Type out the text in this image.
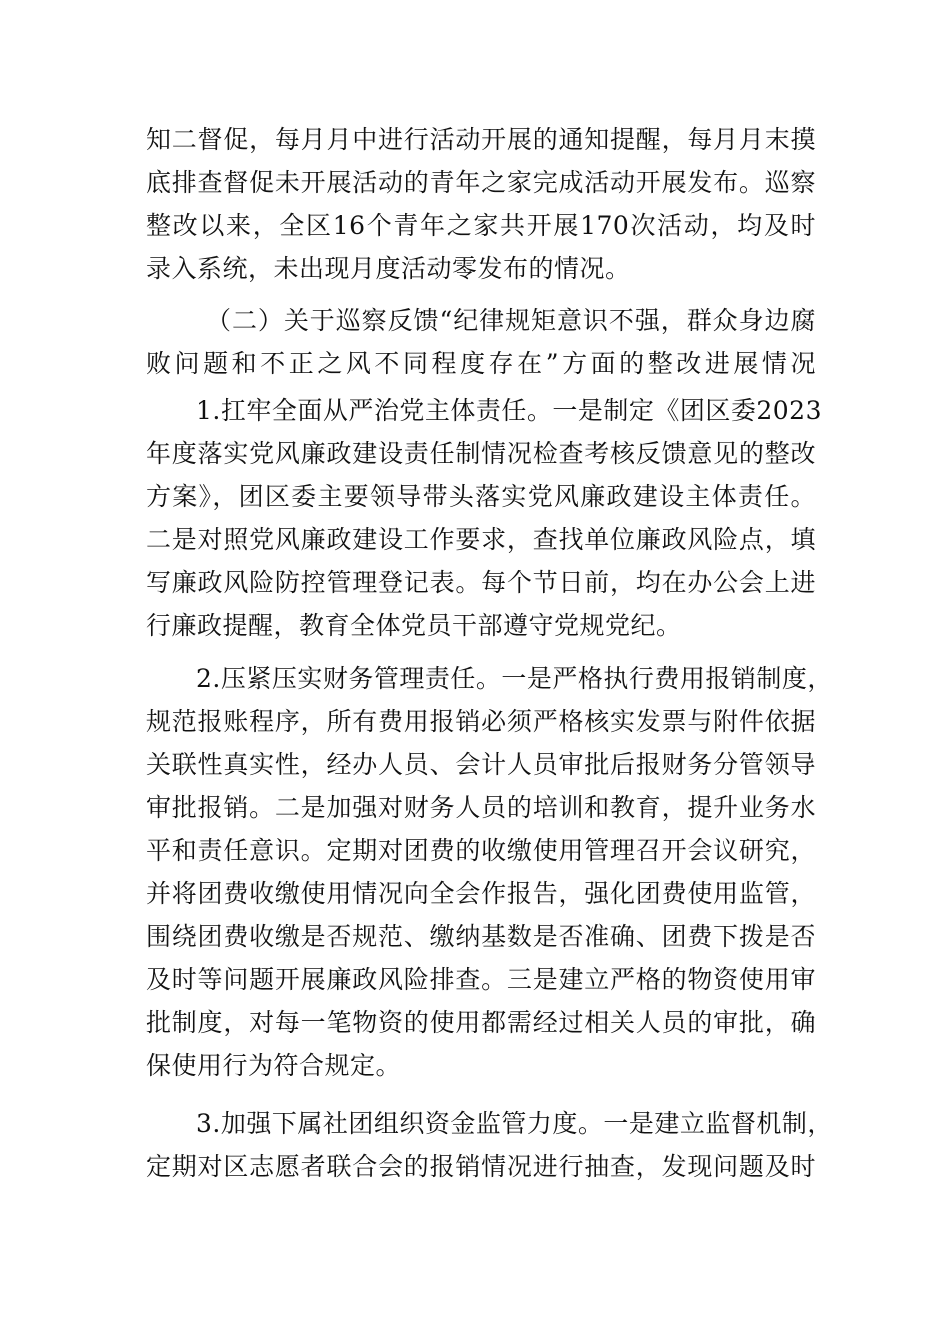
知二督促，每月月中进行活动开展的通知提醒，每月月末摸
底排查督促未开展活动的青年之家完成活动开展发布。巡察
整改以来，全区16个青年之家共开展170次活动，均及时
录入系统，未出现月度活动零发布的情况。
（二）关于巡察反馈“纪律规矩意识不强，群众身边腐
败问题和不正之风不同程度存在”方面的整改进展情况
1.扛牢全面从严治党主体责任。一是制定《团区委2023
年度落实党风廉政建设责任制情况检查考核反馈意见的整改
方案》，团区委主要领导带头落实党风廉政建设主体责任。
二是对照党风廉政建设工作要求，查找单位廉政风险点，填
写廉政风险防控管理登记表。每个节日前，均在办公会上进
行廉政提醒，教育全体党员干部遵守党规党纪。
2.压紧压实财务管理责任。一是严格执行费用报销制度，
规范报账程序，所有费用报销必须严格核实发票与附件依据
关联性真实性，经办人员、会计人员审批后报财务分管领导
审批报销。二是加强对财务人员的培训和教育，提升业务水
平和责任意识。定期对团费的收缴使用管理召开会议研究，
并将团费收缴使用情况向全会作报告，强化团费使用监管，
围绕团费收缴是否规范、缴纳基数是否准确、团费下拨是否
及时等问题开展廉政风险排查。三是建立严格的物资使用审
批制度，对每一笔物资的使用都需经过相关人员的审批，确
保使用行为符合规定。
3.加强下属社团组织资金监管力度。一是建立监督机制，
定期对区志愿者联合会的报销情况进行抽查，发现问题及时
